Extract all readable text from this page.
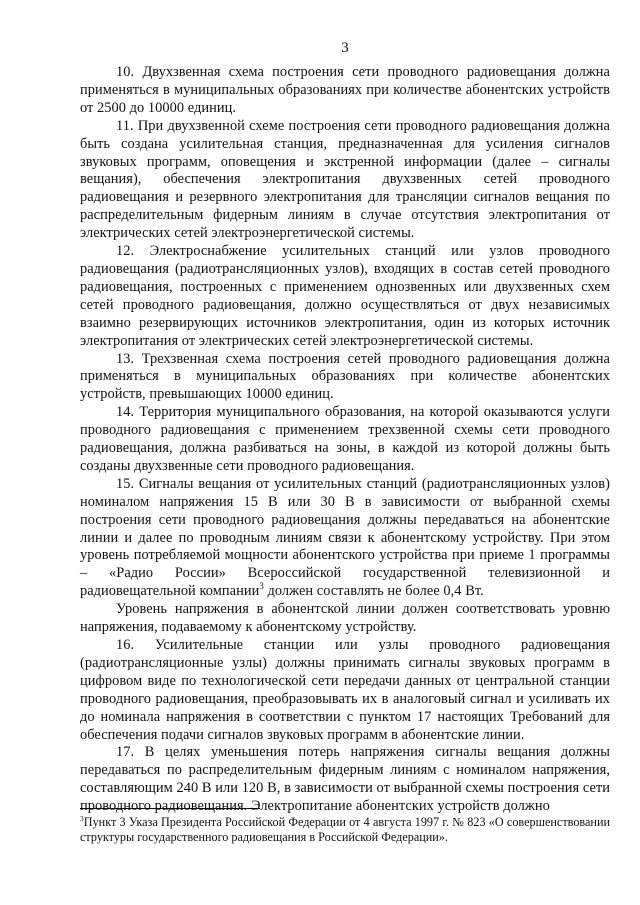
3

10. Двухзвенная схема построения сети проводного радиовещания должна применяться в муниципальных образованиях при количестве абонентских устройств от 2500 до 10000 единиц.

11. При двухзвенной схеме построения сети проводного радиовещания должна быть создана усилительная станция, предназначенная для усиления сигналов звуковых программ, оповещения и экстренной информации (далее – сигналы вещания), обеспечения электропитания двухзвенных сетей проводного радиовещания и резервного электропитания для трансляции сигналов вещания по распределительным фидерным линиям в случае отсутствия электропитания от электрических сетей электроэнергетической системы.

12. Электроснабжение усилительных станций или узлов проводного радиовещания (радиотрансляционных узлов), входящих в состав сетей проводного радиовещания, построенных с применением однозвенных или двухзвенных схем сетей проводного радиовещания, должно осуществляться от двух независимых взаимно резервирующих источников электропитания, один из которых источник электропитания от электрических сетей электроэнергетической системы.

13. Трехзвенная схема построения сетей проводного радиовещания должна применяться в муниципальных образованиях при количестве абонентских устройств, превышающих 10000 единиц.

14. Территория муниципального образования, на которой оказываются услуги проводного радиовещания с применением трехзвенной схемы сети проводного радиовещания, должна разбиваться на зоны, в каждой из которой должны быть созданы двухзвенные сети проводного радиовещания.

15. Сигналы вещания от усилительных станций (радиотрансляционных узлов) номиналом напряжения 15 В или 30 В в зависимости от выбранной схемы построения сети проводного радиовещания должны передаваться на абонентские линии и далее по проводным линиям связи к абонентскому устройству. При этом уровень потребляемой мощности абонентского устройства при приеме 1 программы – «Радио России» Всероссийской государственной телевизионной и радиовещательной компании$^3$ должен составлять не более 0,4 Вт.

Уровень напряжения в абонентской линии должен соответствовать уровню напряжения, подаваемому к абонентскому устройству.

16. Усилительные станции или узлы проводного радиовещания (радиотрансляционные узлы) должны принимать сигналы звуковых программ в цифровом виде по технологической сети передачи данных от центральной станции проводного радиовещания, преобразовывать их в аналоговый сигнал и усиливать их до номинала напряжения в соответствии с пунктом 17 настоящих Требований для обеспечения подачи сигналов звуковых программ в абонентские линии.

17. В целях уменьшения потерь напряжения сигналы вещания должны передаваться по распределительным фидерным линиям с номиналом напряжения, составляющим 240 В или 120 В, в зависимости от выбранной схемы построения сети проводного радиовещания. Электропитание абонентских устройств должно

$^3$Пункт 3 Указа Президента Российской Федерации от 4 августа 1997 г. № 823 «О совершенствовании структуры государственного радиовещания в Российской Федерации».
